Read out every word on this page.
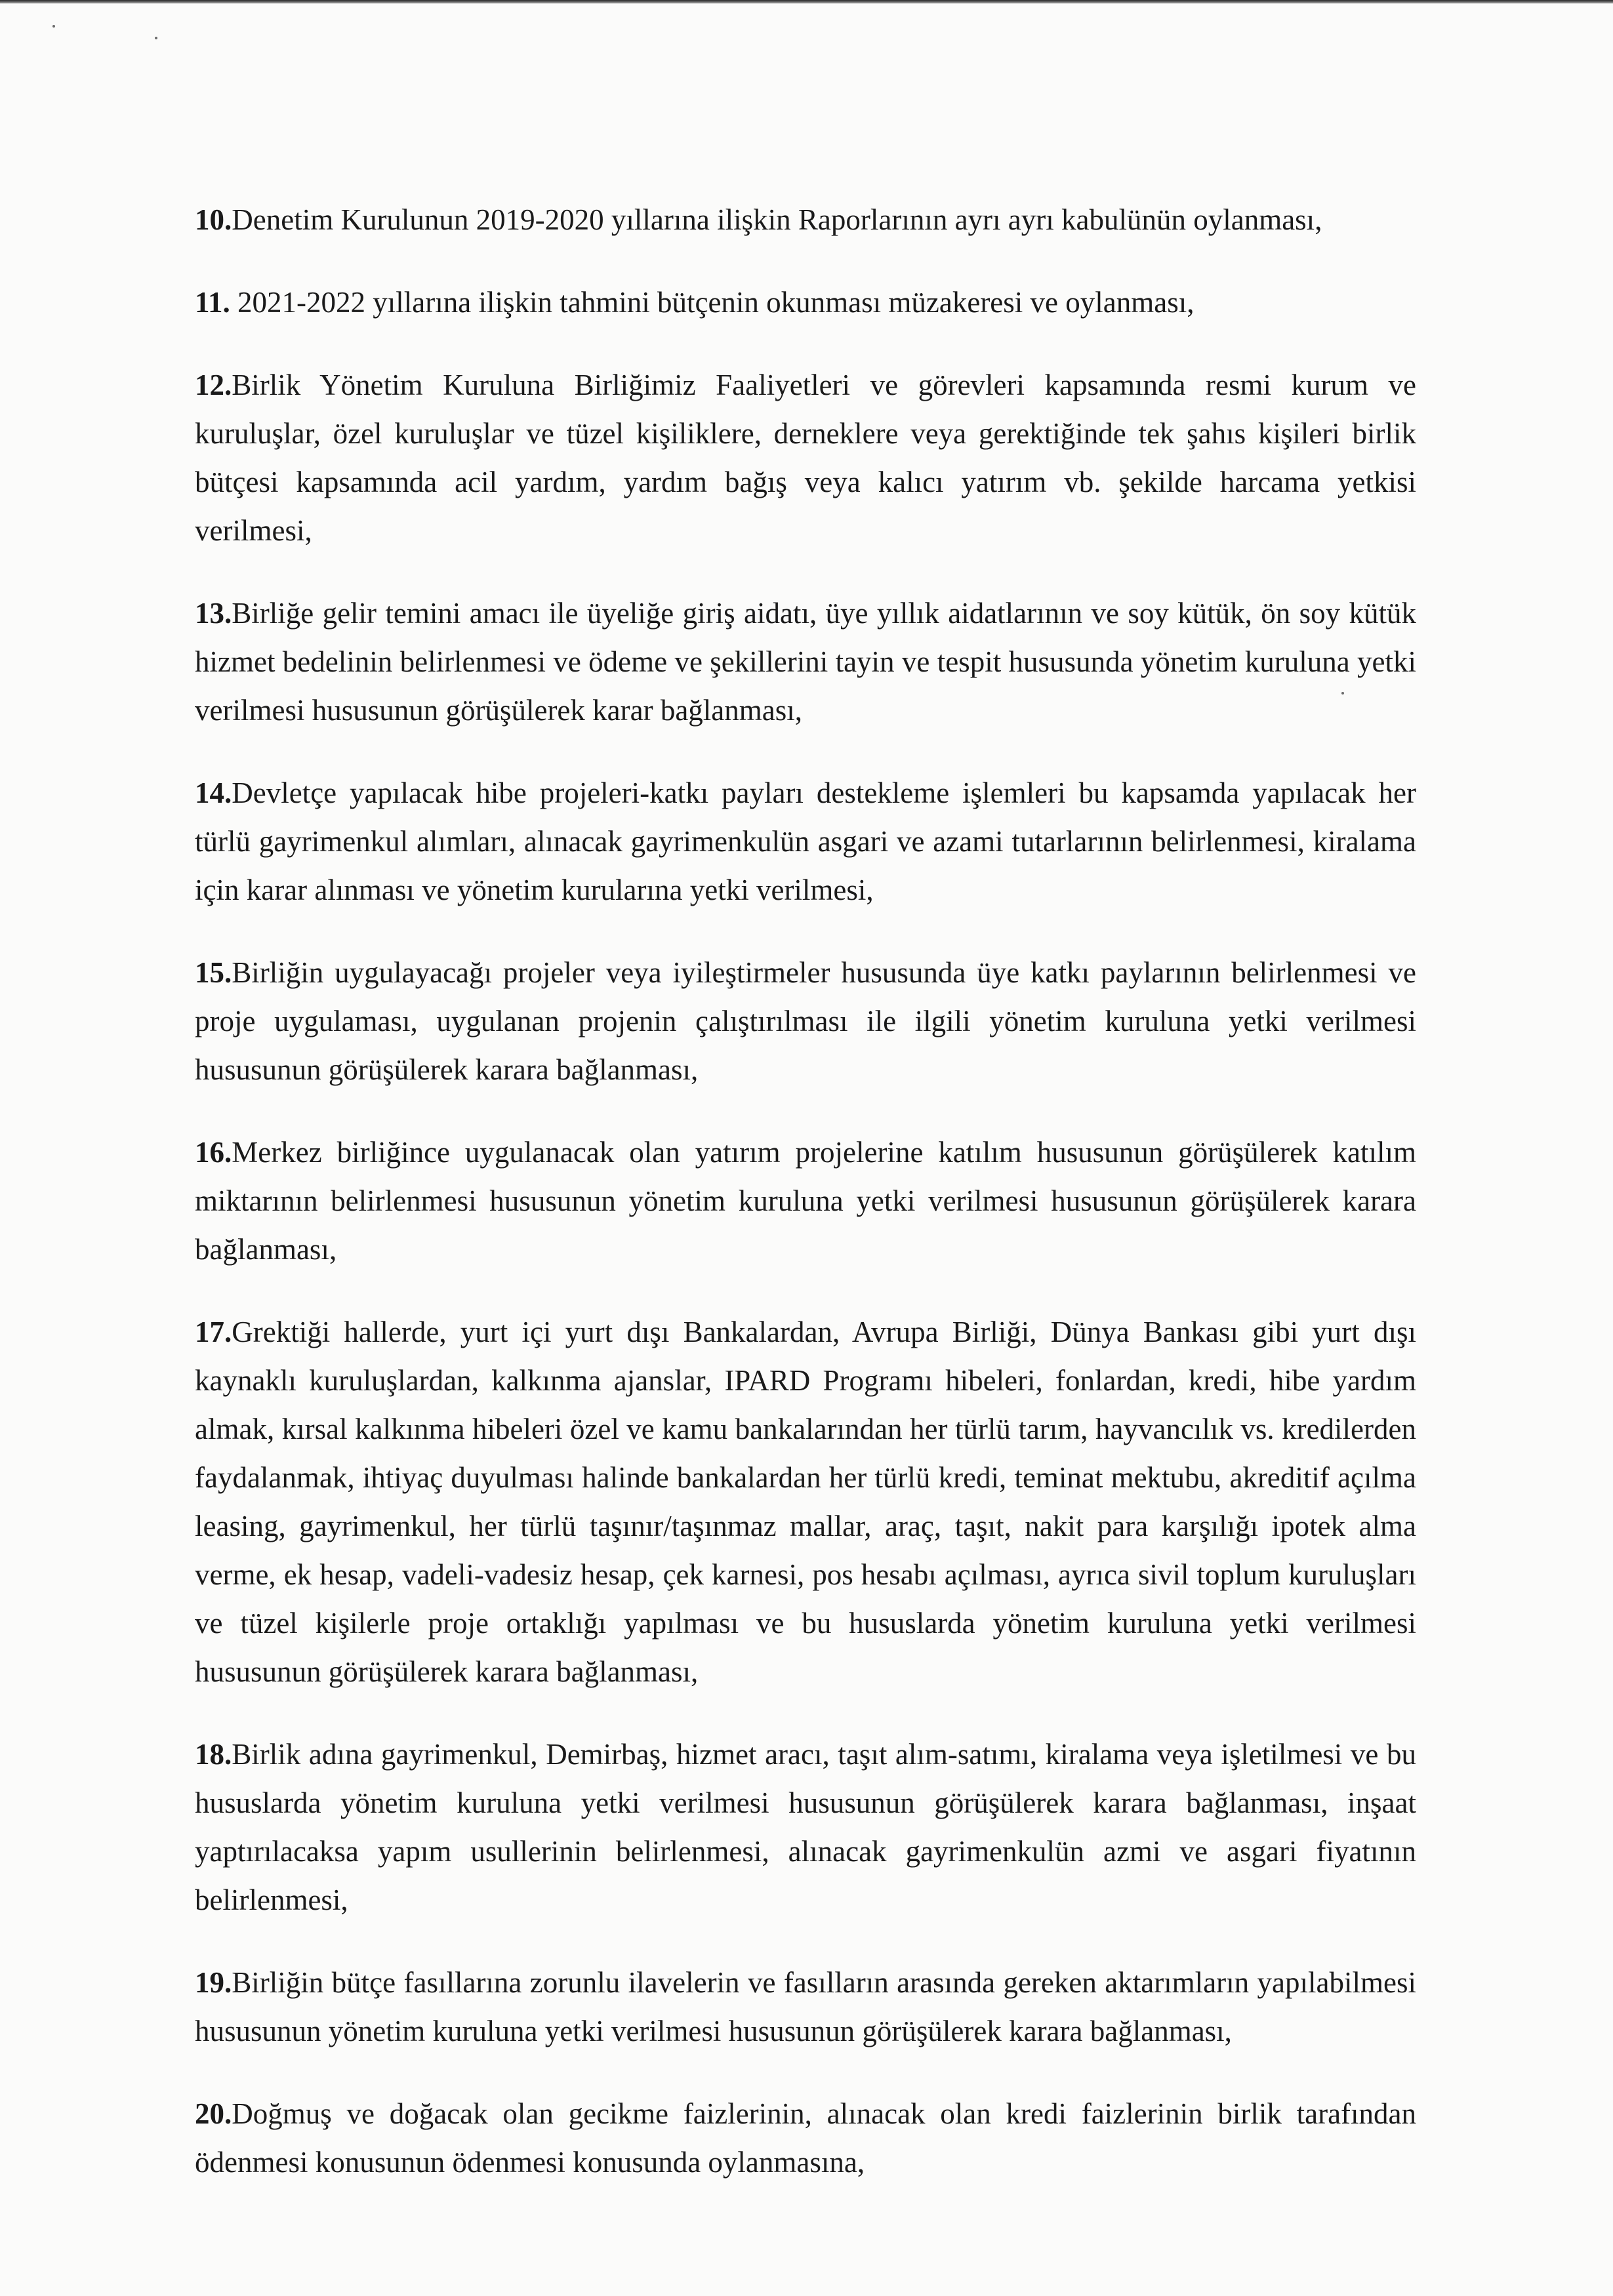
10.Denetim Kurulunun 2019-2020 yıllarına ilişkin Raporlarının ayrı ayrı kabulünün oylanması,

11. 2021-2022 yıllarına ilişkin tahmini bütçenin okunması müzakeresi ve oylanması,

12.Birlik Yönetim Kuruluna Birliğimiz Faaliyetleri ve görevleri kapsamında resmi kurum ve kuruluşlar, özel kuruluşlar ve tüzel kişiliklere, derneklere veya gerektiğinde tek şahıs kişileri birlik bütçesi kapsamında acil yardım, yardım bağış veya kalıcı yatırım vb. şekilde harcama yetkisi verilmesi,

13.Birliğe gelir temini amacı ile üyeliğe giriş aidatı, üye yıllık aidatlarının ve soy kütük, ön soy kütük hizmet bedelinin belirlenmesi ve ödeme ve şekillerini tayin ve tespit hususunda yönetim kuruluna yetki verilmesi hususunun görüşülerek karar bağlanması,

14.Devletçe yapılacak hibe projeleri-katkı payları destekleme işlemleri bu kapsamda yapılacak her türlü gayrimenkul alımları, alınacak gayrimenkulün asgari ve azami tutarlarının belirlenmesi, kiralama için karar alınması ve yönetim kurularına yetki verilmesi,

15.Birliğin uygulayacağı projeler veya iyileştirmeler hususunda üye katkı paylarının belirlenmesi ve proje uygulaması, uygulanan projenin çalıştırılması ile ilgili yönetim kuruluna yetki verilmesi hususunun görüşülerek karara bağlanması,

16.Merkez birliğince uygulanacak olan yatırım projelerine katılım hususunun görüşülerek katılım miktarının belirlenmesi hususunun yönetim kuruluna yetki verilmesi hususunun görüşülerek karara bağlanması,

17.Grektiği hallerde, yurt içi yurt dışı Bankalardan, Avrupa Birliği, Dünya Bankası gibi yurt dışı kaynaklı kuruluşlardan, kalkınma ajanslar, IPARD Programı hibeleri, fonlardan, kredi, hibe yardım almak, kırsal kalkınma hibeleri özel ve kamu bankalarından her türlü tarım, hayvancılık vs. kredilerden faydalanmak, ihtiyaç duyulması halinde bankalardan her türlü kredi, teminat mektubu, akreditif açılma leasing, gayrimenkul, her türlü taşınır/taşınmaz mallar, araç, taşıt, nakit para karşılığı ipotek alma verme, ek hesap, vadeli-vadesiz hesap, çek karnesi, pos hesabı açılması, ayrıca sivil toplum kuruluşları ve tüzel kişilerle proje ortaklığı yapılması ve bu hususlarda yönetim kuruluna yetki verilmesi hususunun görüşülerek karara bağlanması,

18.Birlik adına gayrimenkul, Demirbaş, hizmet aracı, taşıt alım-satımı, kiralama veya işletilmesi ve bu hususlarda yönetim kuruluna yetki verilmesi hususunun görüşülerek karara bağlanması, inşaat yaptırılacaksa yapım usullerinin belirlenmesi, alınacak gayrimenkulün azmi ve asgari fiyatının belirlenmesi,

19.Birliğin bütçe fasıllarına zorunlu ilavelerin ve fasılların arasında gereken aktarımların yapılabilmesi hususunun yönetim kuruluna yetki verilmesi hususunun görüşülerek karara bağlanması,

20.Doğmuş ve doğacak olan gecikme faizlerinin, alınacak olan kredi faizlerinin birlik tarafından ödenmesi konusunun ödenmesi konusunda oylanmasına,
